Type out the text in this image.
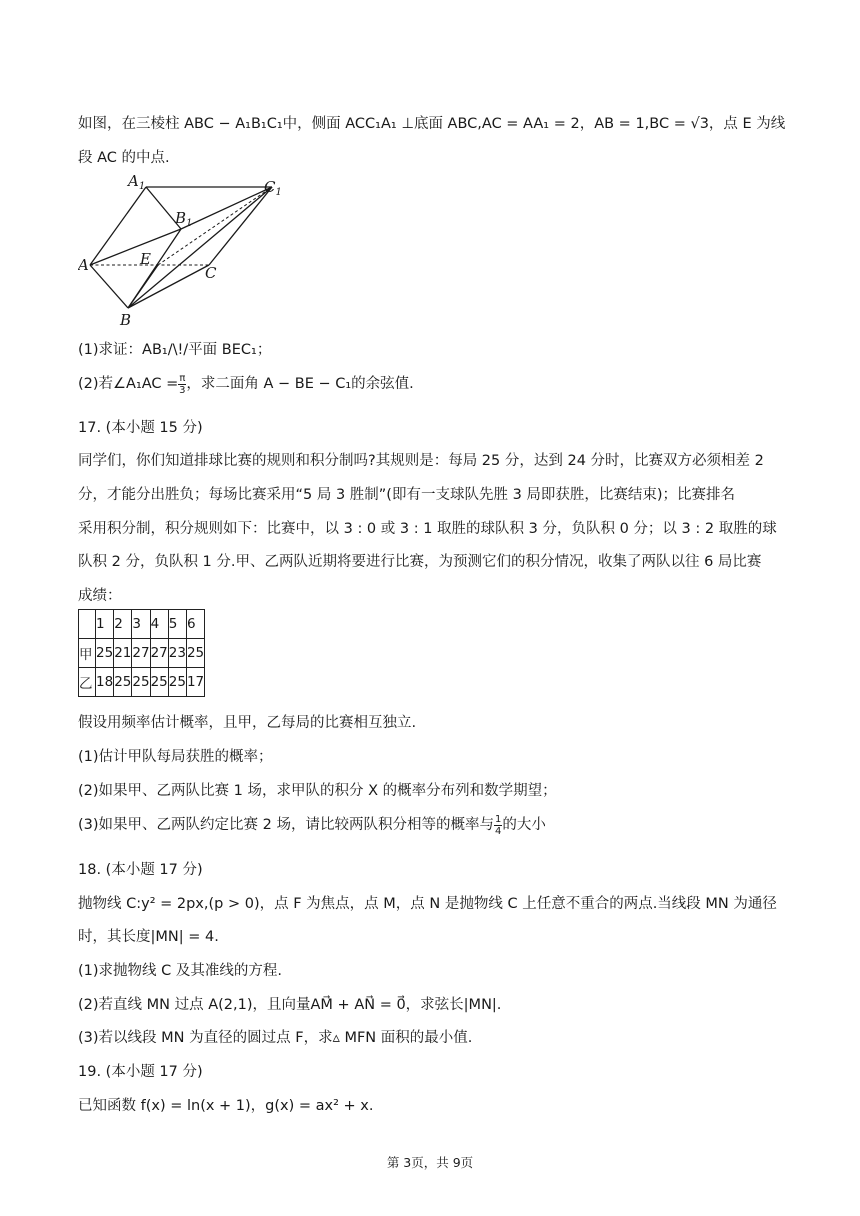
如图，在三棱柱 ABC − A₁B₁C₁中，侧面 ACC₁A₁ ⊥底面 ABC,AC = AA₁ = 2，AB = 1,BC = √3，点 E 为线
段 AC 的中点.
$A_1$	$C_1$
$B_1$
A	E
C
B
(1)求证：AB₁/\!/平面 BEC₁；
(2)若∠A₁AC = $\frac{\pi}{3}$ ，求二面角 A − BE − C₁的余弦值.
17. (本小题 15 分)
同学们，你们知道排球比赛的规则和积分制吗?其规则是：每局 25 分，达到 24 分时，比赛双方必须相差 2
分，才能分出胜负；每场比赛采用“5 局 3 胜制”(即有一支球队先胜 3 局即获胜，比赛结束)；比赛排名
采用积分制，积分规则如下：比赛中，以 3 : 0 或 3 : 1 取胜的球队积 3 分，负队积 0 分；以 3 : 2 取胜的球
队积 2 分，负队积 1 分.甲、乙两队近期将要进行比赛，为预测它们的积分情况，收集了两队以往 6 局比赛
成绩：
	1	2	3	4	5	6
甲	25	21	27	27	23	25
乙	18	25	25	25	25	17
假设用频率估计概率，且甲，乙每局的比赛相互独立.
(1)估计甲队每局获胜的概率；
(2)如果甲、乙两队比赛 1 场，求甲队的积分 X 的概率分布列和数学期望；
(3)如果甲、乙两队约定比赛 2 场，请比较两队积分相等的概率与 $\frac{1}{4}$ 的大小
18. (本小题 17 分)
抛物线 C:y² = 2px,(p > 0)，点 F 为焦点，点 M，点 N 是抛物线 C 上任意不重合的两点.当线段 MN 为通径
时，其长度|MN| = 4.
(1)求抛物线 C 及其准线的方程.
(2)若直线 MN 过点 A(2,1)，且向量AM⃗ + AN⃗ = 0⃗，求弦长|MN|.
(3)若以线段 MN 为直径的圆过点 F，求▵ MFN 面积的最小值.
19. (本小题 17 分)
已知函数 f(x) = ln(x + 1)，g(x) = ax² + x.
第 3页，共 9页
